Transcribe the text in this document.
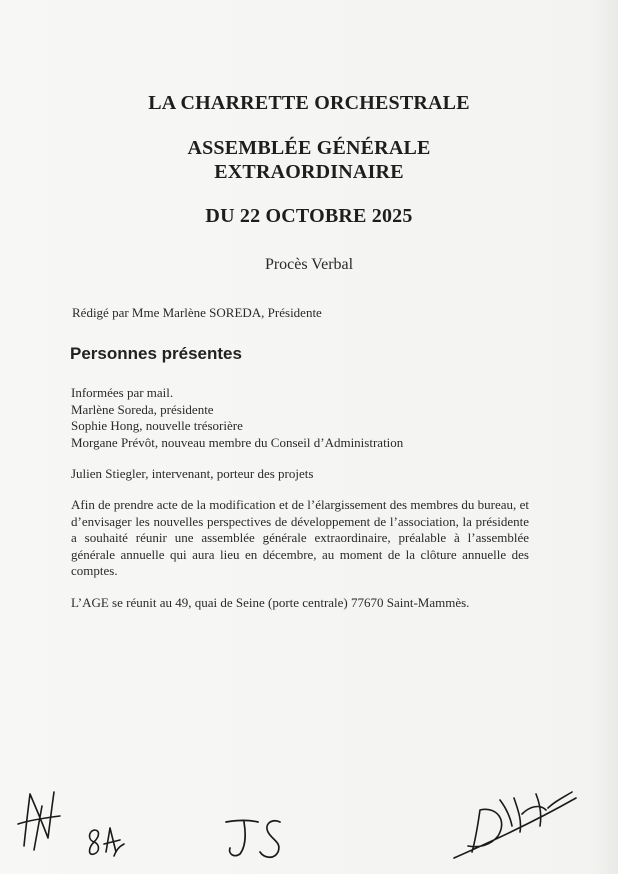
LA CHARRETTE ORCHESTRALE
ASSEMBLÉE GÉNÉRALE
EXTRAORDINAIRE
DU 22 OCTOBRE 2025

Procès Verbal

Rédigé par Mme Marlène SOREDA, Présidente
Personnes présentes
Informées par mail.
Marlène Soreda, présidente
Sophie Hong, nouvelle trésorière
Morgane Prévôt, nouveau membre du Conseil d’Administration

Julien Stiegler, intervenant, porteur des projets

Afin de prendre acte de la modification et de l’élargissement des membres du bureau, et d’envisager les nouvelles perspectives de développement de l’association, la présidente a souhaité réunir une assemblée générale extraordinaire, préalable à l’assemblée générale annuelle qui aura lieu en décembre, au moment de la clôture annuelle des comptes.

L’AGE se réunit au 49, quai de Seine (porte centrale) 77670 Saint-Mammès.
